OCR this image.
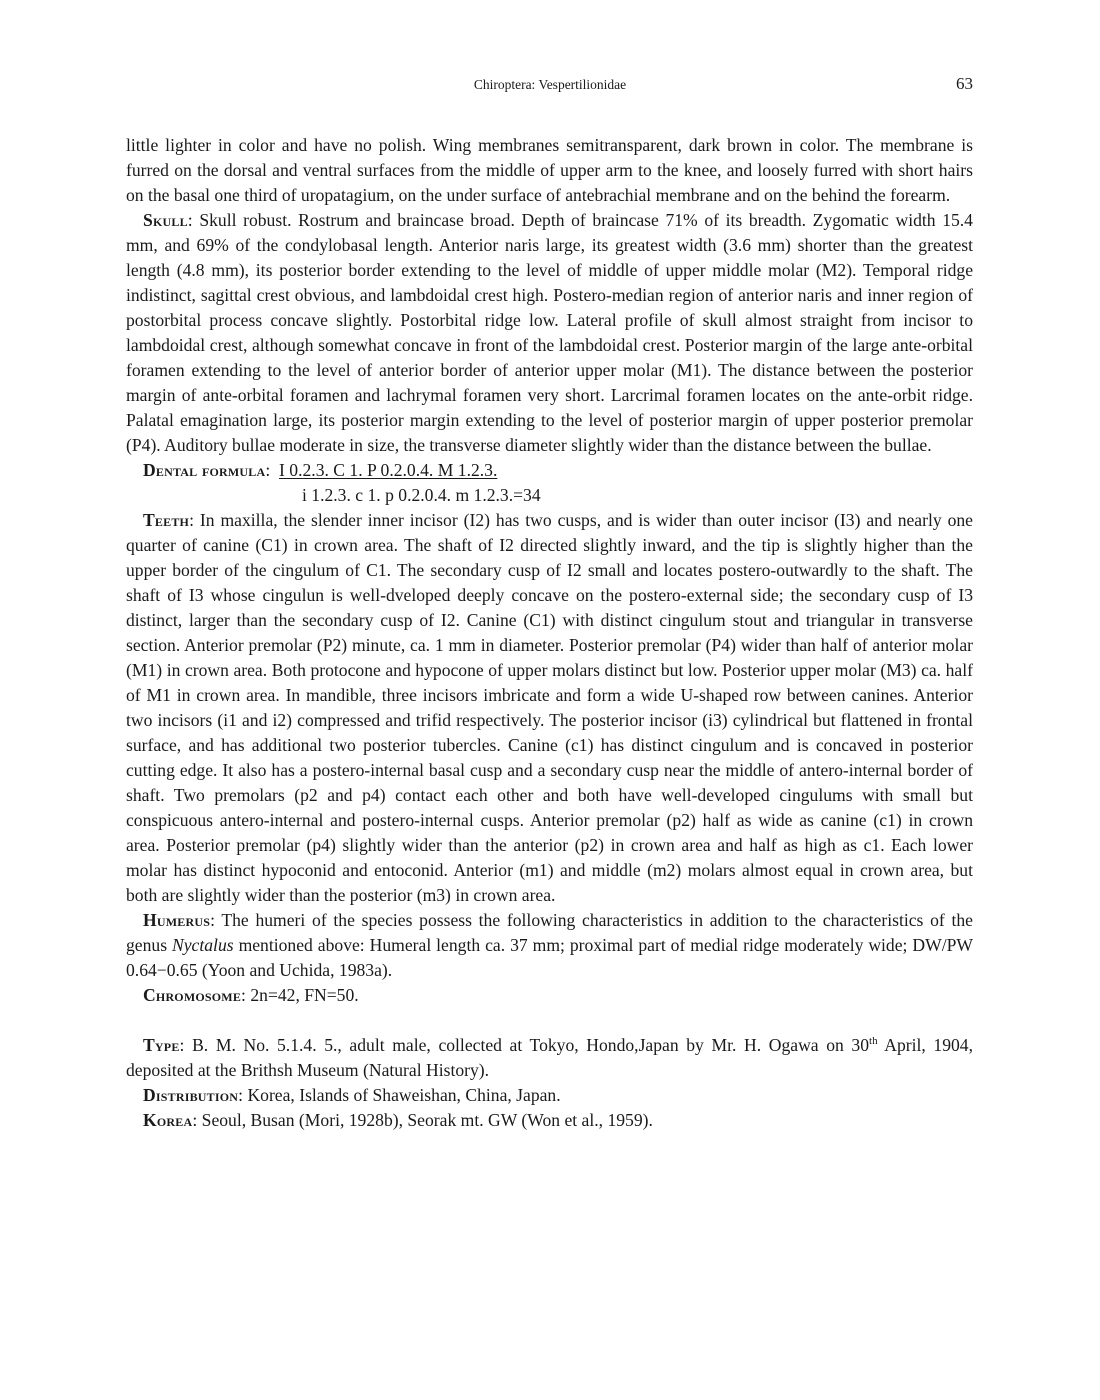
Chiroptera: Vespertilionidae	63

little lighter in color and have no polish. Wing membranes semitransparent, dark brown in color. The membrane is furred on the dorsal and ventral surfaces from the middle of upper arm to the knee, and loosely furred with short hairs on the basal one third of uropatagium, on the under surface of antebrachial membrane and on the behind the forearm.

Skull: Skull robust. Rostrum and braincase broad. Depth of braincase 71% of its breadth. Zygomatic width 15.4 mm, and 69% of the condylobasal length. Anterior naris large, its greatest width (3.6 mm) shorter than the greatest length (4.8 mm), its posterior border extending to the level of middle of upper middle molar (M2). Temporal ridge indistinct, sagittal crest obvious, and lambdoidal crest high. Postero-median region of anterior naris and inner region of postorbital process concave slightly. Postorbital ridge low. Lateral profile of skull almost straight from incisor to lambdoidal crest, although somewhat concave in front of the lambdoidal crest. Posterior margin of the large ante-orbital foramen extending to the level of anterior border of anterior upper molar (M1). The distance between the posterior margin of ante-orbital foramen and lachrymal foramen very short. Larcrimal foramen locates on the ante-orbit ridge. Palatal emagination large, its posterior margin extending to the level of posterior margin of upper posterior premolar (P4). Auditory bullae moderate in size, the transverse diameter slightly wider than the distance between the bullae.

Dental formula:  I 0.2.3. C 1. P 0.2.0.4. M 1.2.3.

i 1.2.3. c 1. p 0.2.0.4. m 1.2.3.=34

Teeth: In maxilla, the slender inner incisor (I2) has two cusps, and is wider than outer incisor (I3) and nearly one quarter of canine (C1) in crown area. The shaft of I2 directed slightly inward, and the tip is slightly higher than the upper border of the cingulum of C1. The secondary cusp of I2 small and locates postero-outwardly to the shaft. The shaft of I3 whose cingulun is well-dveloped deeply concave on the postero-external side; the secondary cusp of I3 distinct, larger than the secondary cusp of I2. Canine (C1) with distinct cingulum stout and triangular in transverse section. Anterior premolar (P2) minute, ca. 1 mm in diameter. Posterior premolar (P4) wider than half of anterior molar (M1) in crown area. Both protocone and hypocone of upper molars distinct but low. Posterior upper molar (M3) ca. half of M1 in crown area. In mandible, three incisors imbricate and form a wide U-shaped row between canines. Anterior two incisors (i1 and i2) compressed and trifid respectively. The posterior incisor (i3) cylindrical but flattened in frontal surface, and has additional two posterior tubercles. Canine (c1) has distinct cingulum and is concaved in posterior cutting edge. It also has a postero-internal basal cusp and a secondary cusp near the middle of antero-internal border of shaft. Two premolars (p2 and p4) contact each other and both have well-developed cingulums with small but conspicuous antero-internal and postero-internal cusps. Anterior premolar (p2) half as wide as canine (c1) in crown area. Posterior premolar (p4) slightly wider than the anterior (p2) in crown area and half as high as c1. Each lower molar has distinct hypoconid and entoconid. Anterior (m1) and middle (m2) molars almost equal in crown area, but both are slightly wider than the posterior (m3) in crown area.

Humerus: The humeri of the species possess the following characteristics in addition to the characteristics of the genus Nyctalus mentioned above: Humeral length ca. 37 mm; proximal part of medial ridge moderately wide; DW/PW 0.64−0.65 (Yoon and Uchida, 1983a).

Chromosome: 2n=42, FN=50.

Type: B. M. No. 5.1.4. 5., adult male, collected at Tokyo, Hondo,Japan by Mr. H. Ogawa on 30th April, 1904, deposited at the Brithsh Museum (Natural History).

Distribution: Korea, Islands of Shaweishan, China, Japan.

Korea: Seoul, Busan (Mori, 1928b), Seorak mt. GW (Won et al., 1959).
